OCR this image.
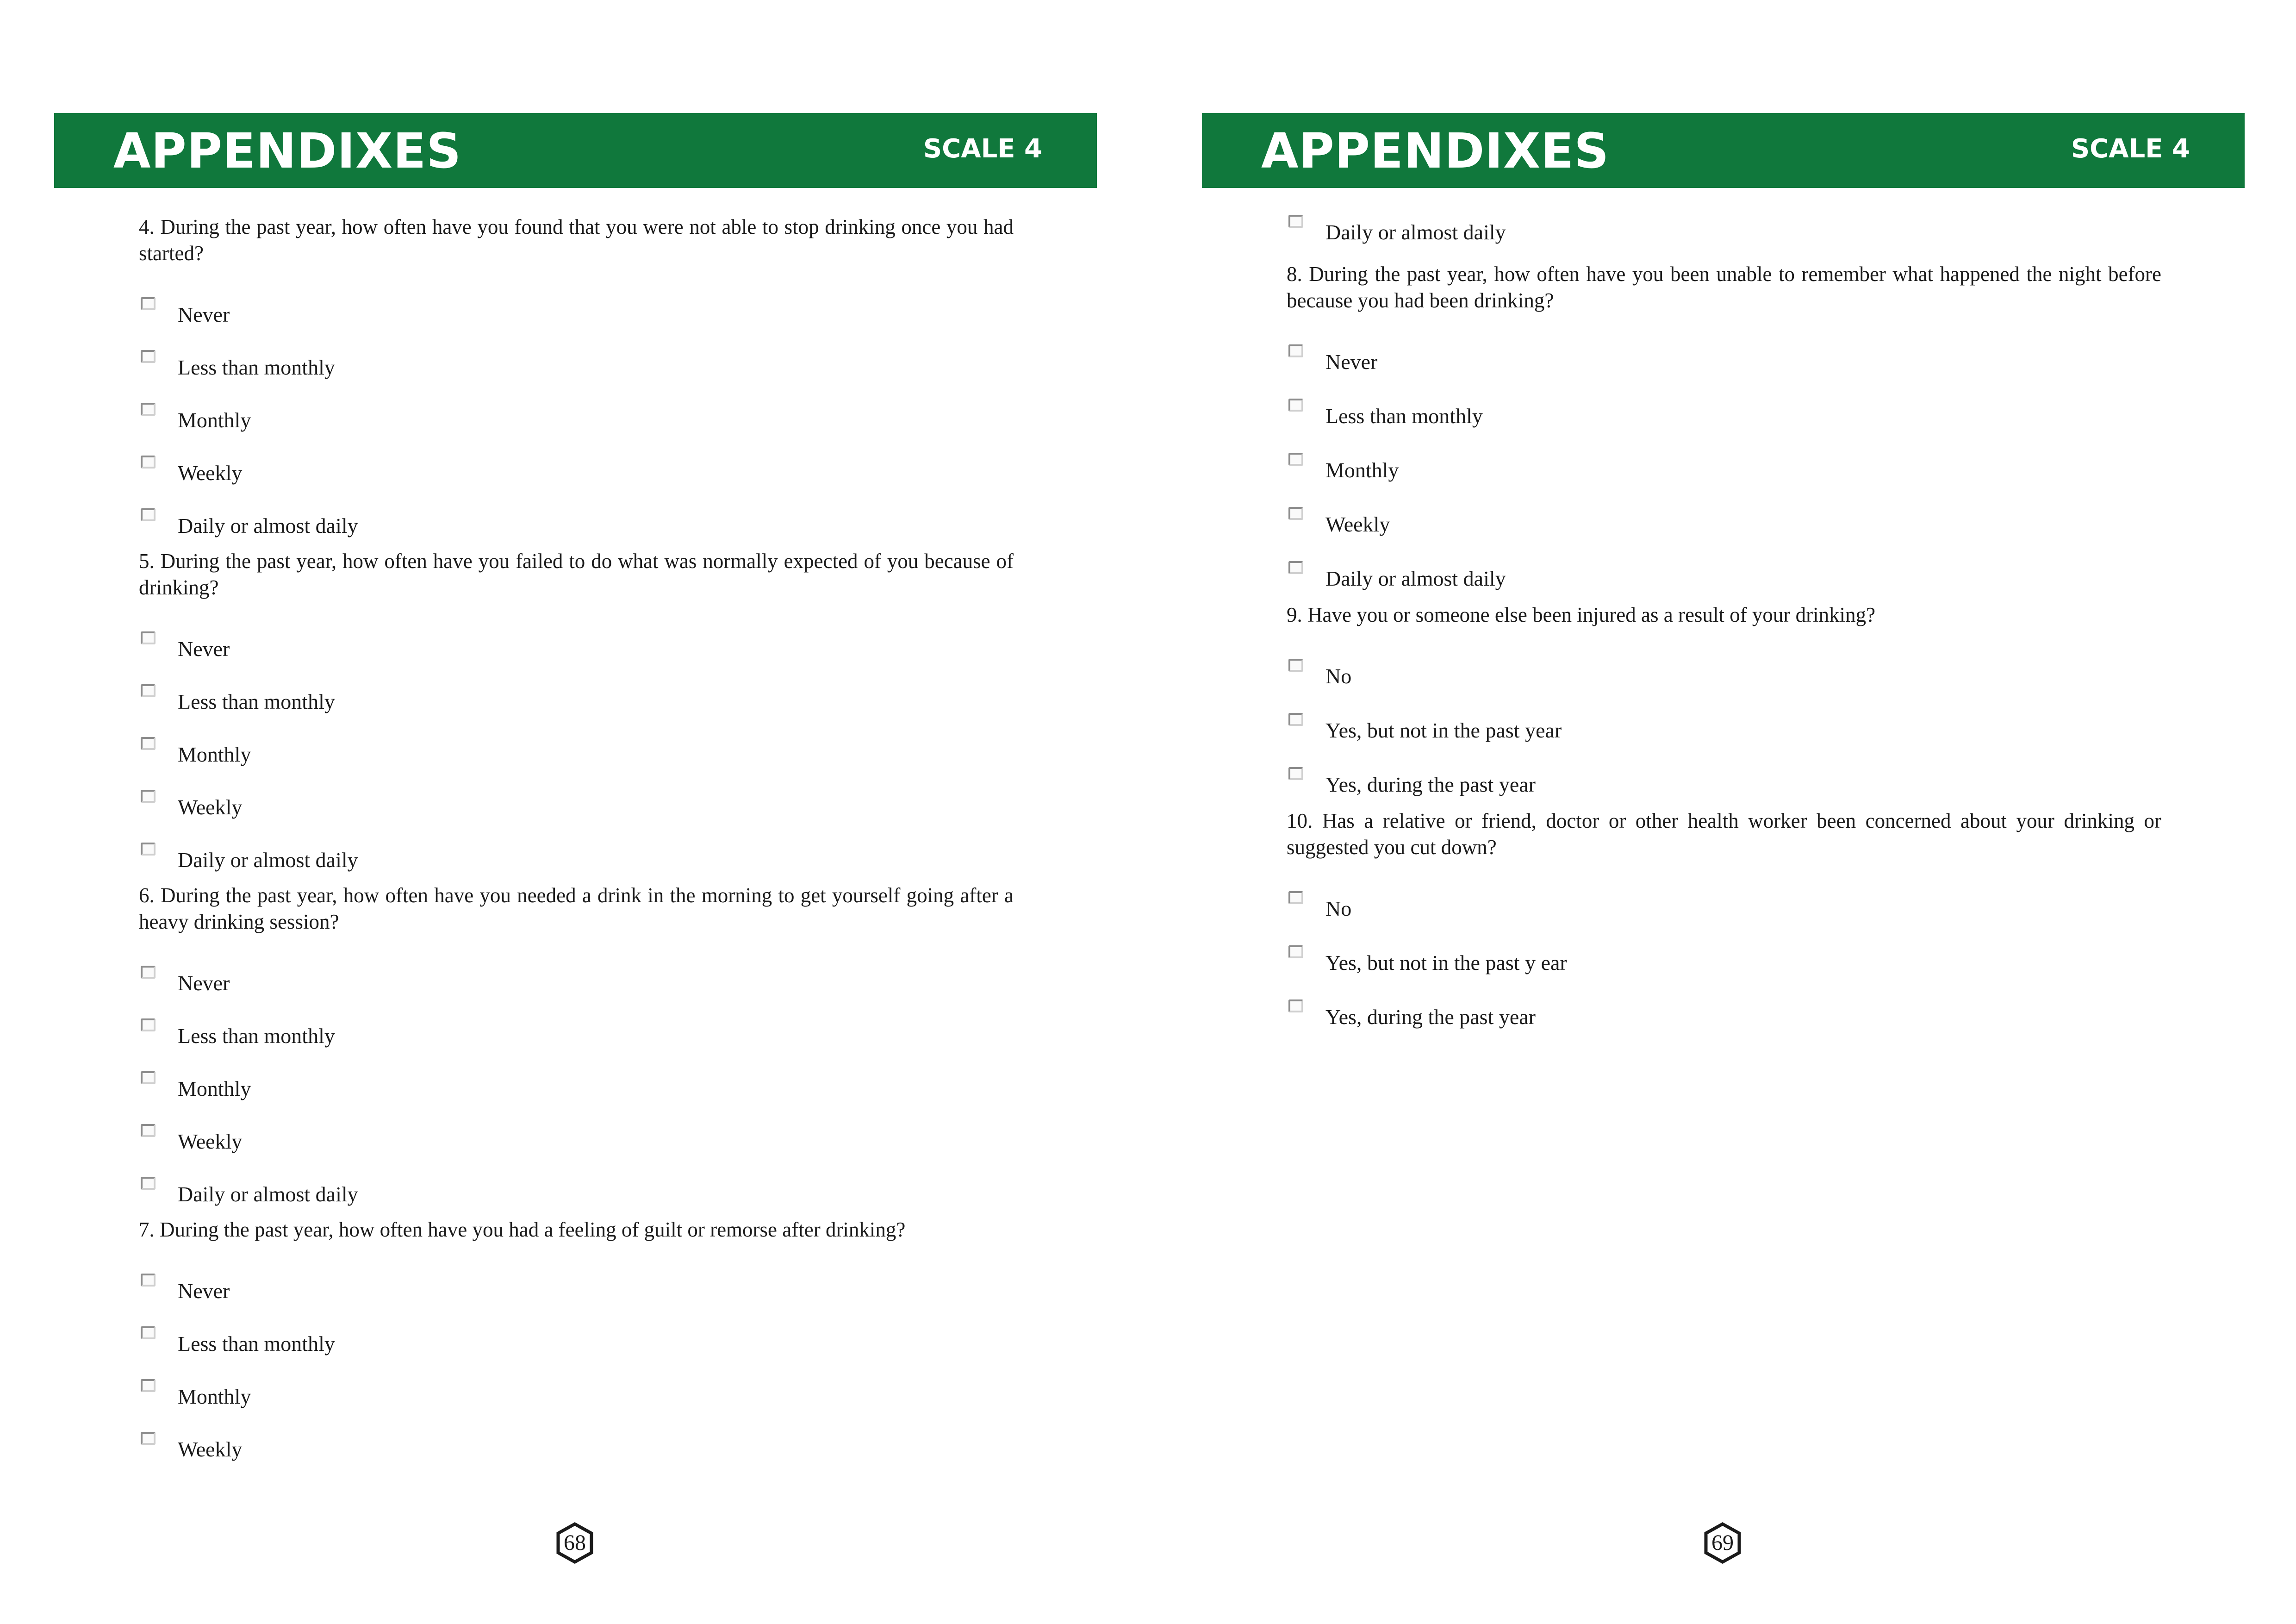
APPENDIXES	SCALE 4

4. During the past year, how often have you found that you were not able to stop drinking once you had started?

Never
Less than monthly
Monthly
Weekly
Daily or almost daily

5. During the past year, how often have you failed to do what was normally expected of you because of drinking?

Never
Less than monthly
Monthly
Weekly
Daily or almost daily

6. During the past year, how often have you needed a drink in the morning to get yourself going after a heavy drinking session?

Never
Less than monthly
Monthly
Weekly
Daily or almost daily

7. During the past year, how often have you had a feeling of guilt or remorse after drinking?

Never
Less than monthly
Monthly
Weekly
68
APPENDIXES	SCALE 4
Daily or almost daily

8. During the past year, how often have you been unable to remember what happened the night before because you had been drinking?

Never
Less than monthly
Monthly
Weekly
Daily or almost daily

9. Have you or someone else been injured as a result of your drinking?

No
Yes, but not in the past year
Yes, during the past year

10. Has a relative or friend, doctor or other health worker been concerned about your drinking or suggested you cut down?

No
Yes, but not in the past y ear
Yes, during the past year
69
